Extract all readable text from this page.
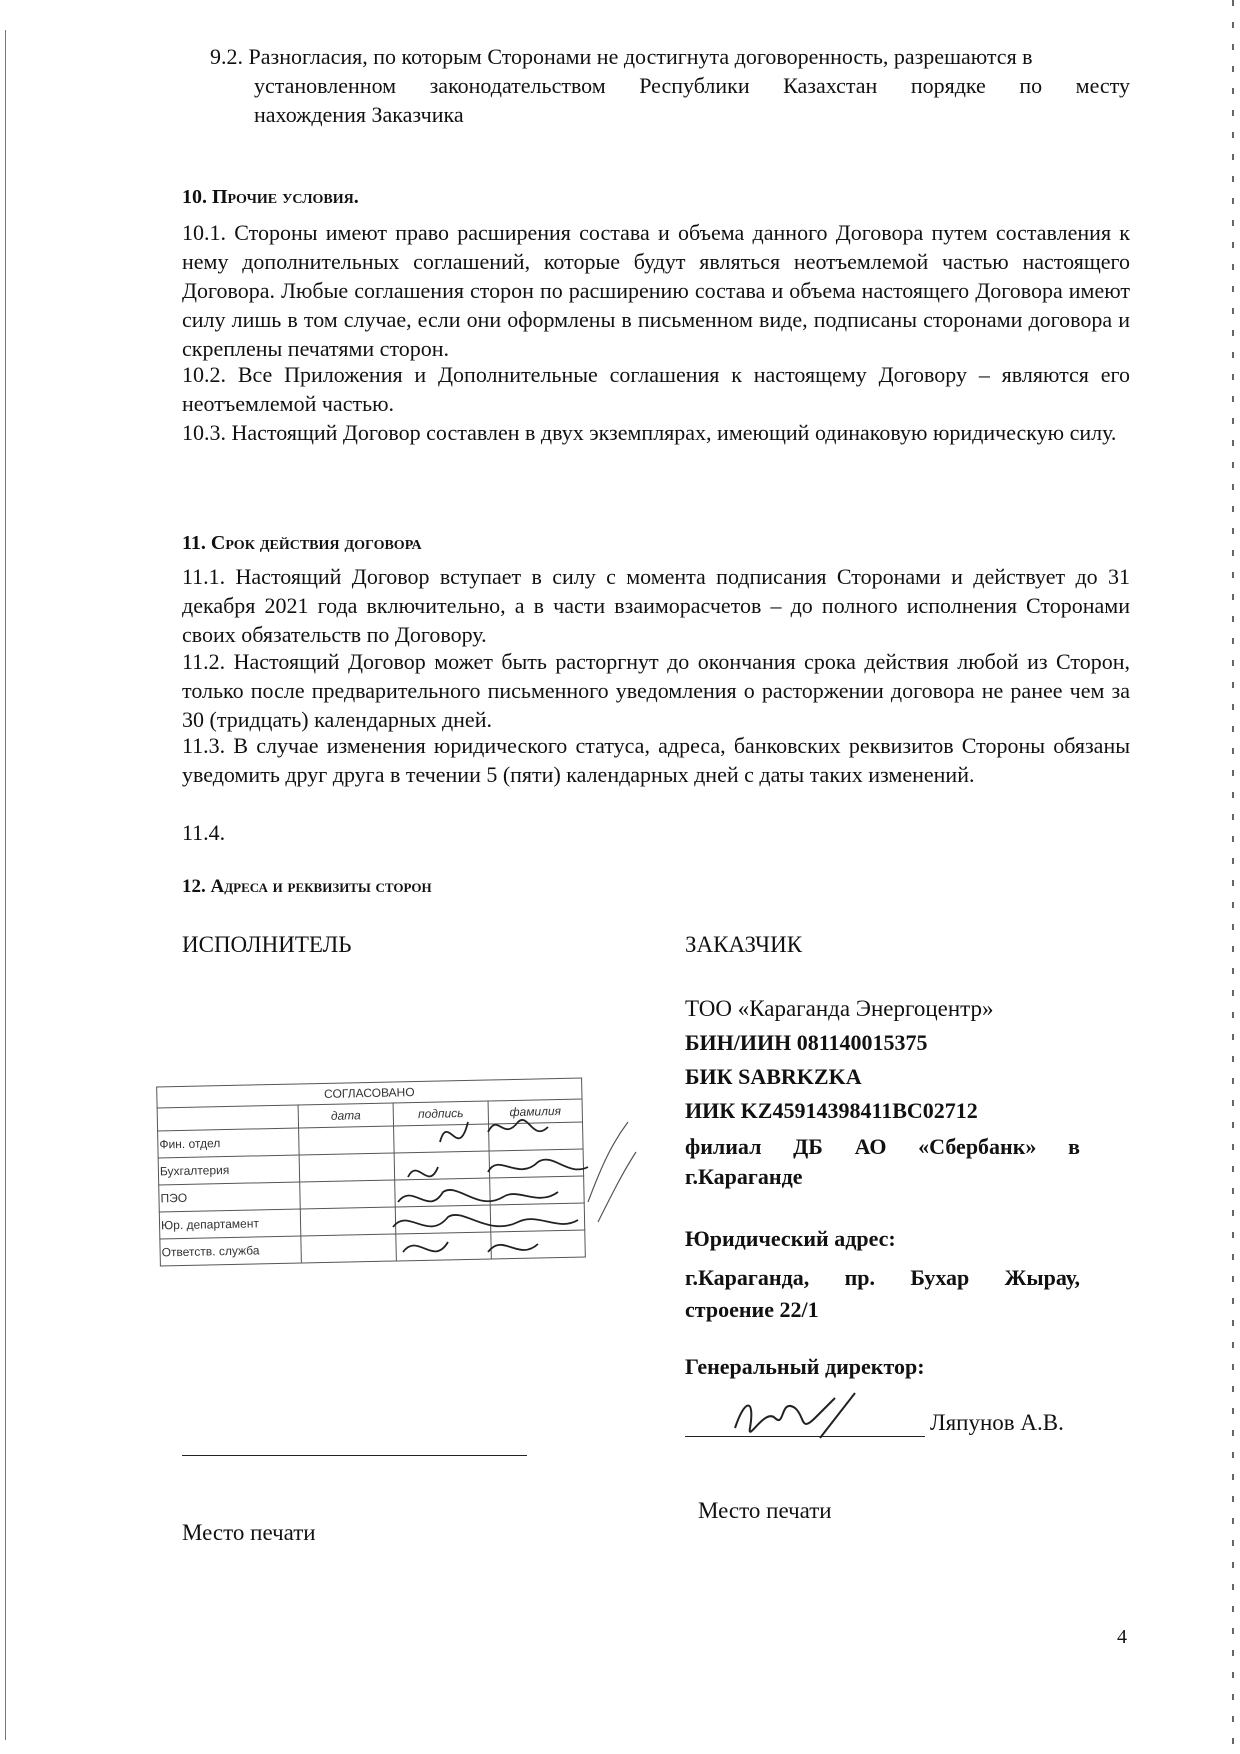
9.2. Разногласия, по которым Сторонами не достигнута договоренность, разрешаются в

установленном законодательством Республики Казахстан порядке по месту

нахождения Заказчика

10. Прочие условия.

10.1. Стороны имеют право расширения состава и объема данного Договора путем составления к нему дополнительных соглашений, которые будут являться неотъемлемой частью настоящего Договора. Любые соглашения сторон по расширению состава и объема настоящего Договора имеют силу лишь в том случае, если они оформлены в письменном виде, подписаны сторонами договора и скреплены печатями сторон.

10.2. Все Приложения и Дополнительные соглашения к настоящему Договору – являются его неотъемлемой частью.

10.3. Настоящий Договор составлен в двух экземплярах, имеющий одинаковую юридическую силу.

11. Срок действия договора

11.1. Настоящий Договор вступает в силу с момента подписания Сторонами и действует до 31 декабря 2021 года включительно, а в части взаиморасчетов – до полного исполнения Сторонами своих обязательств по Договору.

11.2. Настоящий Договор может быть расторгнут до окончания срока действия любой из Сторон, только после предварительного письменного уведомления о расторжении договора не ранее чем за 30 (тридцать) календарных дней.

11.3. В случае изменения юридического статуса, адреса, банковских реквизитов Стороны обязаны уведомить друг друга в течении 5 (пяти) календарных дней с даты таких изменений.

11.4.

12. Адреса и реквизиты сторон

ИСПОЛНИТЕЛЬ	ЗАКАЗЧИК
ТОО «Караганда Энергоцентр»
БИН/ИИН 081140015375
БИК SABRKZKA
ИИК KZ45914398411BC02712
филиал ДБ АО «Сбербанк» в г.Караганде
Юридический адрес:
г.Караганда, пр. Бухар Жырау, строение 22/1
Генеральный директор:
Ляпунов А.В.
Место печати
Место печати
СОГЛАСОВАНО			
	дата	подпись	фамилия
Фин. отдел			
Бухгалтерия			
ПЭО			
Юр. департамент			
Ответств. служба			
4
